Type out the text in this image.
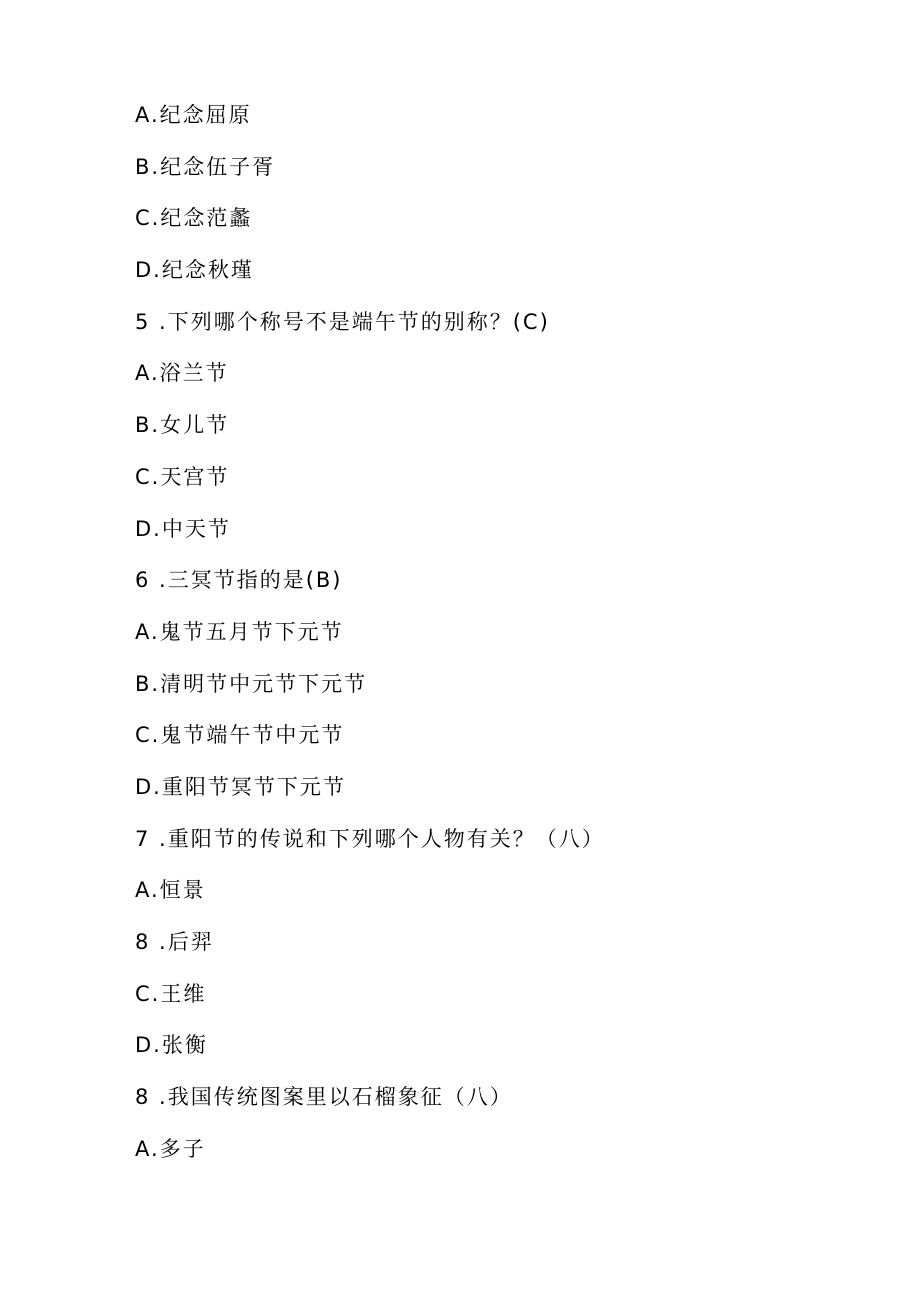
A.纪念屈原
B.纪念伍子胥
C.纪念范蠡
D.纪念秋瑾
5 .下列哪个称号不是端午节的别称？(C)
A.浴兰节
B.女儿节
C.天宫节
D.中天节
6 .三冥节指的是(B)
A.鬼节五月节下元节
B.清明节中元节下元节
C.鬼节端午节中元节
D.重阳节冥节下元节
7 .重阳节的传说和下列哪个人物有关？（八）
A.恒景
8 .后羿
C.王维
D.张衡
8 .我国传统图案里以石榴象征（八）
A.多子
